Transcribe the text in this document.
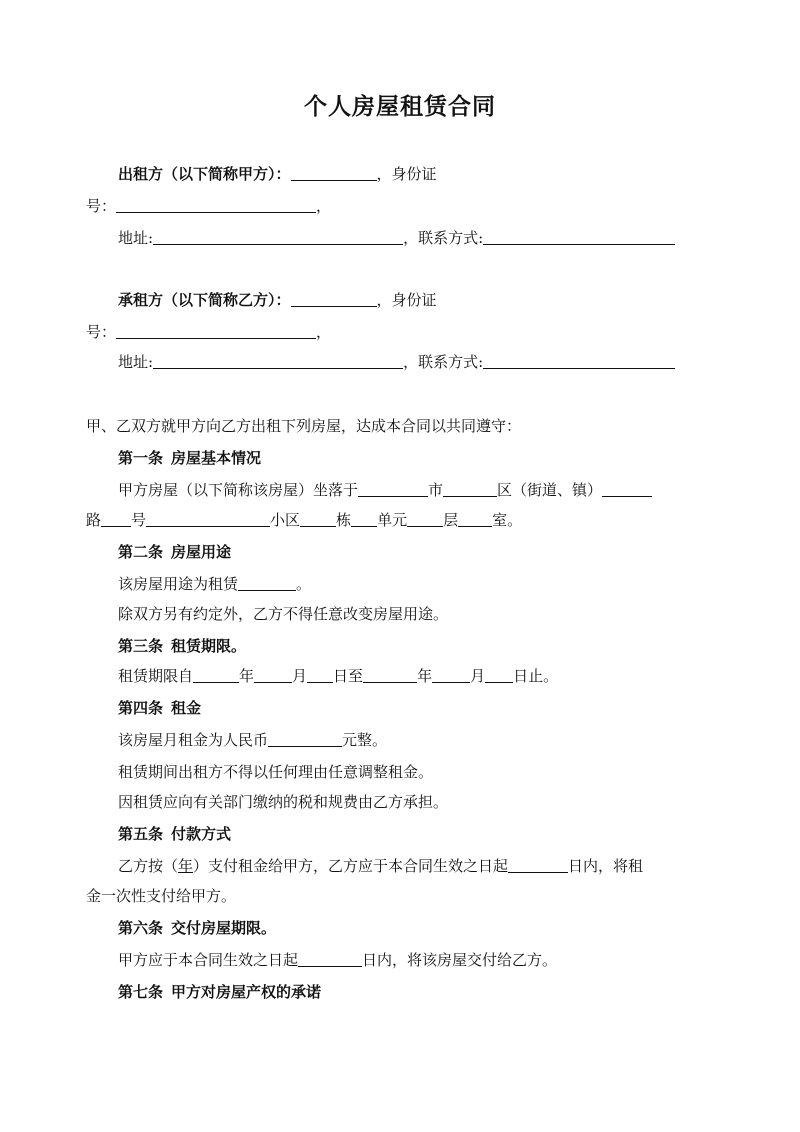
个人房屋租赁合同
出租方（以下简称甲方）：	，身份证
号：	，
地址:	，联系方式:
承租方（以下简称乙方）：	，身份证
号：	，
地址:	，联系方式:
甲、乙双方就甲方向乙方出租下列房屋，达成本合同以共同遵守：
第一条 房屋基本情况
甲方房屋（以下简称该房屋）坐落于	市	区（街道、镇）
路 号	小区 栋 单元 层 室。
第二条 房屋用途
该房屋用途为租赁	。
除双方另有约定外，乙方不得任意改变房屋用途。
第三条 租赁期限。
租赁期限自	年	月 日至	年	月 日止。
第四条 租金
该房屋月租金为人民币	元整。
租赁期间出租方不得以任何理由任意调整租金。
因租赁应向有关部门缴纳的税和规费由乙方承担。
第五条 付款方式
乙方按（年）支付租金给甲方，乙方应于本合同生效之日起	日内，将租
金一次性支付给甲方。
第六条 交付房屋期限。
甲方应于本合同生效之日起	日内，将该房屋交付给乙方。
第七条 甲方对房屋产权的承诺
